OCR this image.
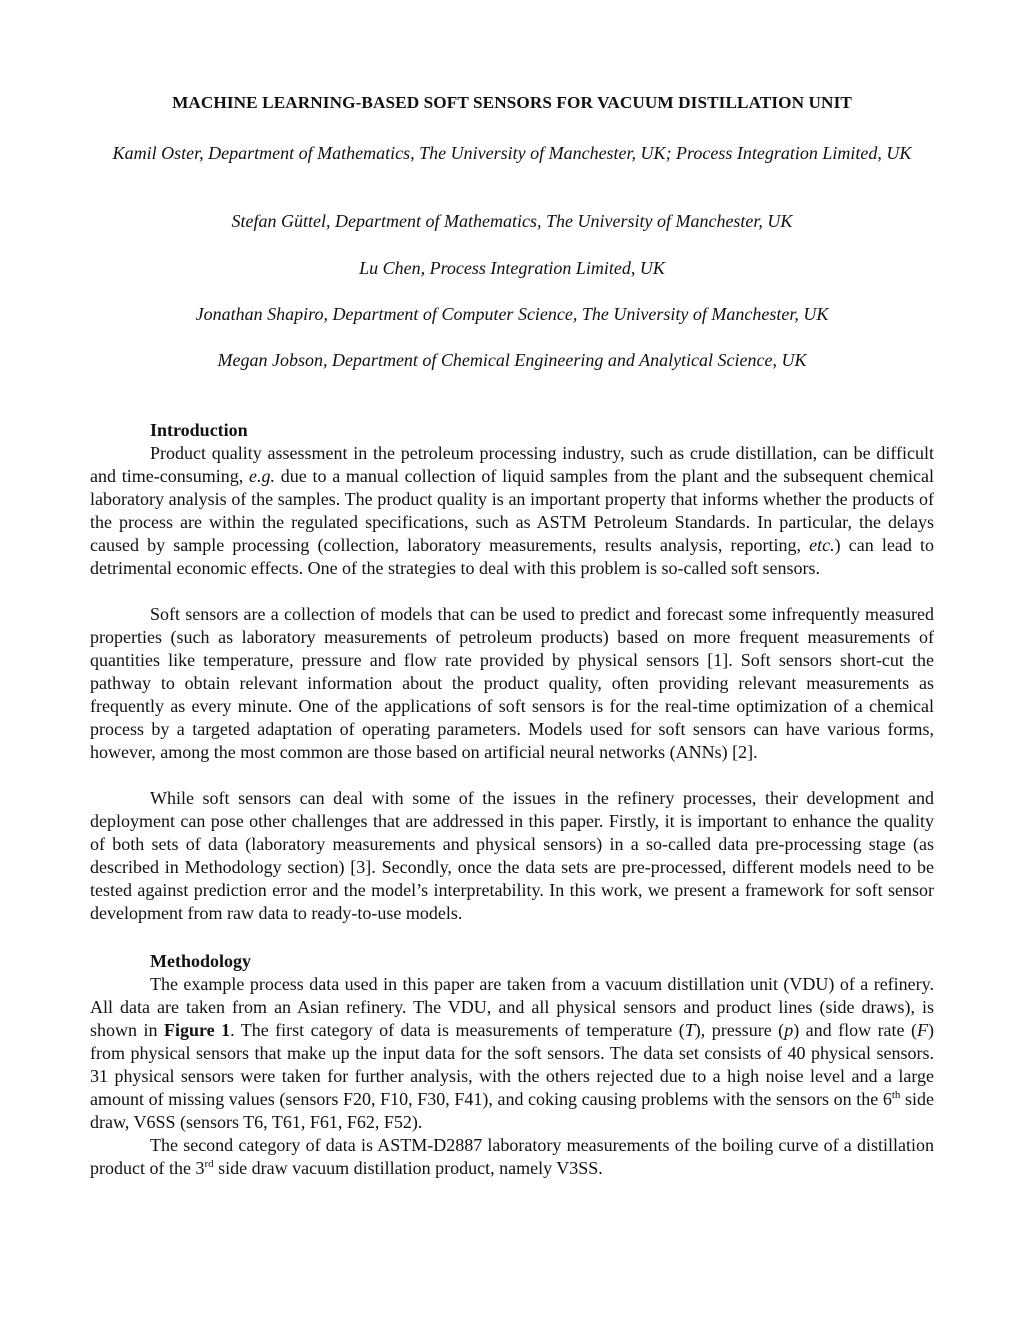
MACHINE LEARNING-BASED SOFT SENSORS FOR VACUUM DISTILLATION UNIT
Kamil Oster, Department of Mathematics, The University of Manchester, UK; Process Integration Limited, UK
Stefan Güttel, Department of Mathematics, The University of Manchester, UK
Lu Chen, Process Integration Limited, UK
Jonathan Shapiro, Department of Computer Science, The University of Manchester, UK
Megan Jobson, Department of Chemical Engineering and Analytical Science, UK
Introduction
Product quality assessment in the petroleum processing industry, such as crude distillation, can be difficult and time-consuming, e.g. due to a manual collection of liquid samples from the plant and the subsequent chemical laboratory analysis of the samples. The product quality is an important property that informs whether the products of the process are within the regulated specifications, such as ASTM Petroleum Standards. In particular, the delays caused by sample processing (collection, laboratory measurements, results analysis, reporting, etc.) can lead to detrimental economic effects. One of the strategies to deal with this problem is so-called soft sensors.
Soft sensors are a collection of models that can be used to predict and forecast some infrequently measured properties (such as laboratory measurements of petroleum products) based on more frequent measurements of quantities like temperature, pressure and flow rate provided by physical sensors [1]. Soft sensors short-cut the pathway to obtain relevant information about the product quality, often providing relevant measurements as frequently as every minute. One of the applications of soft sensors is for the real-time optimization of a chemical process by a targeted adaptation of operating parameters. Models used for soft sensors can have various forms, however, among the most common are those based on artificial neural networks (ANNs) [2].
While soft sensors can deal with some of the issues in the refinery processes, their development and deployment can pose other challenges that are addressed in this paper. Firstly, it is important to enhance the quality of both sets of data (laboratory measurements and physical sensors) in a so-called data pre-processing stage (as described in Methodology section) [3]. Secondly, once the data sets are pre-processed, different models need to be tested against prediction error and the model’s interpretability. In this work, we present a framework for soft sensor development from raw data to ready-to-use models.
Methodology
The example process data used in this paper are taken from a vacuum distillation unit (VDU) of a refinery. All data are taken from an Asian refinery. The VDU, and all physical sensors and product lines (side draws), is shown in Figure 1. The first category of data is measurements of temperature (T), pressure (p) and flow rate (F) from physical sensors that make up the input data for the soft sensors. The data set consists of 40 physical sensors. 31 physical sensors were taken for further analysis, with the others rejected due to a high noise level and a large amount of missing values (sensors F20, F10, F30, F41), and coking causing problems with the sensors on the 6th side draw, V6SS (sensors T6, T61, F61, F62, F52).
The second category of data is ASTM-D2887 laboratory measurements of the boiling curve of a distillation product of the 3rd side draw vacuum distillation product, namely V3SS.
